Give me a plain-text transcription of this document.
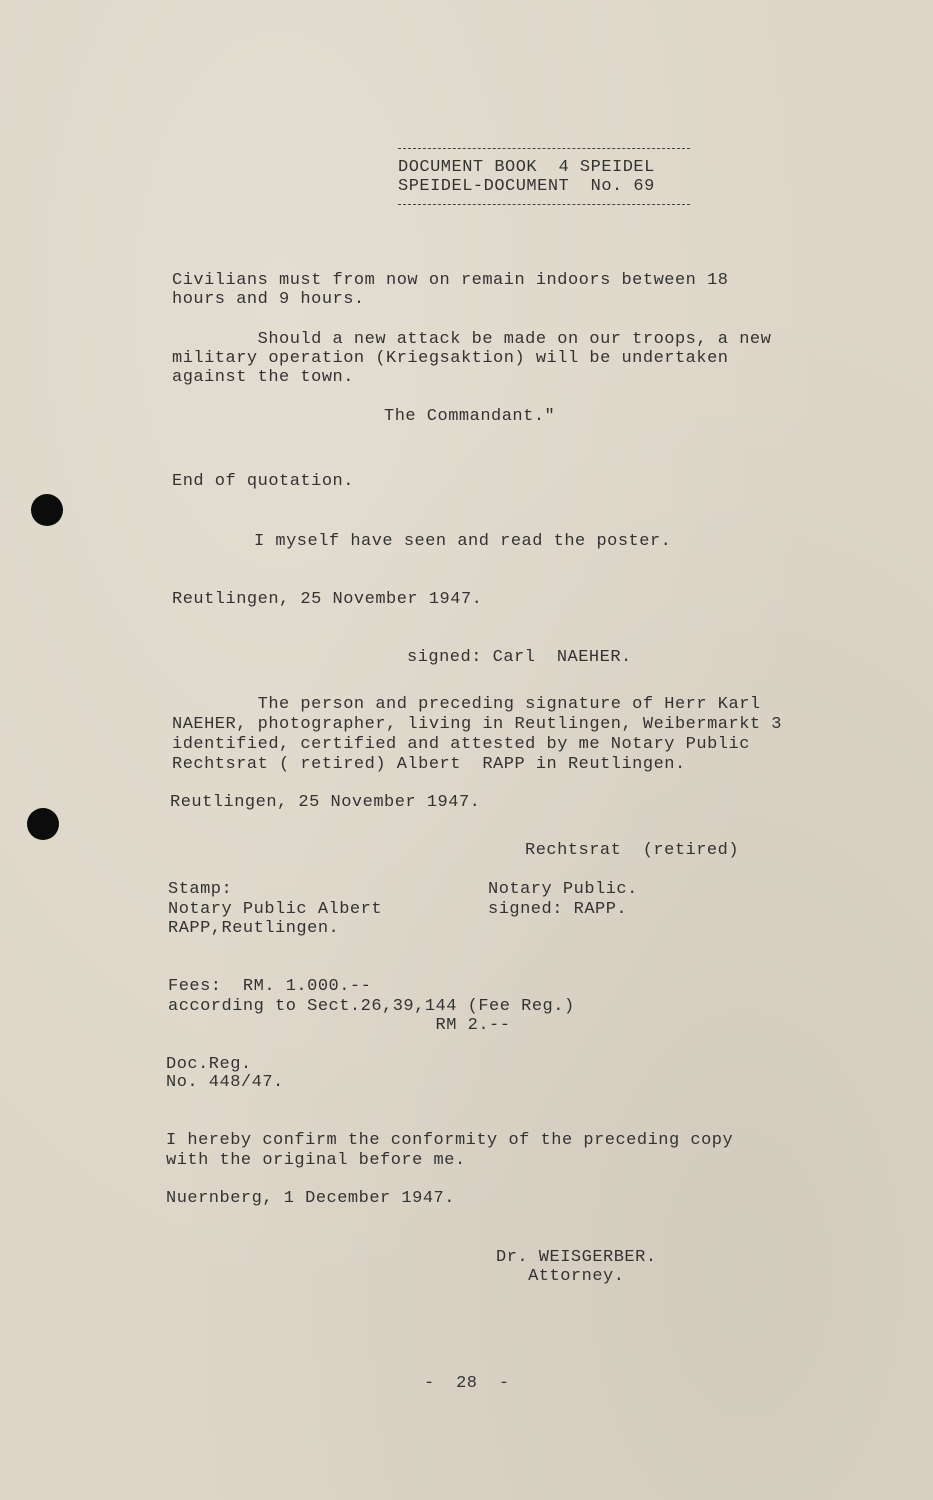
DOCUMENT BOOK  4 SPEIDEL
SPEIDEL-DOCUMENT  No. 69
Civilians must from now on remain indoors between 18
hours and 9 hours.
Should a new attack be made on our troops, a new
military operation (Kriegsaktion) will be undertaken
against the town.
The Commandant."
End of quotation.
I myself have seen and read the poster.
Reutlingen, 25 November 1947.
signed: Carl  NAEHER.
The person and preceding signature of Herr Karl
NAEHER, photographer, living in Reutlingen, Weibermarkt 3
identified, certified and attested by me Notary Public
Rechtsrat ( retired) Albert  RAPP in Reutlingen.
Reutlingen, 25 November 1947.
Rechtsrat  (retired)
Stamp:
Notary Public Albert
RAPP,Reutlingen.
Notary Public.
signed: RAPP.
Fees:  RM. 1.000.--
according to Sect.26,39,144 (Fee Reg.)
RM 2.--
Doc.Reg.
No. 448/47.
I hereby confirm the conformity of the preceding copy
with the original before me.
Nuernberg, 1 December 1947.
Dr. WEISGERBER.
Attorney.
-  28  -
